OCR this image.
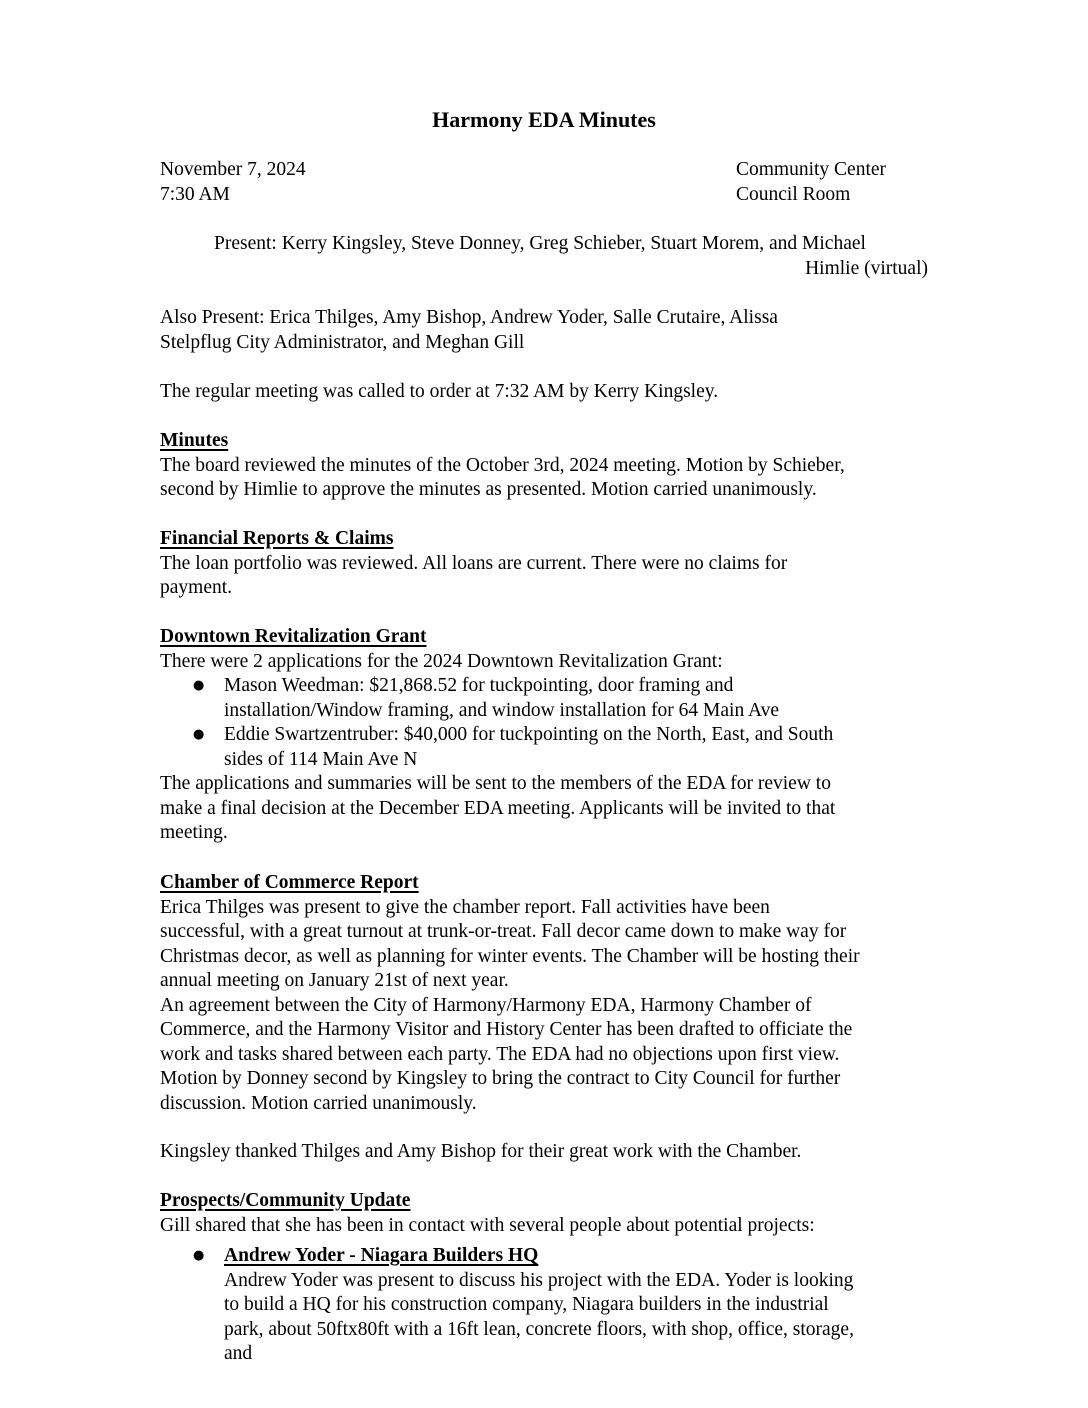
Harmony EDA Minutes
November 7, 2024
7:30 AM
Community Center
Council Room
Present: Kerry Kingsley, Steve Donney, Greg Schieber, Stuart Morem, and Michael
Himlie (virtual)
Also Present: Erica Thilges, Amy Bishop, Andrew Yoder, Salle Crutaire, Alissa
Stelpflug City Administrator, and Meghan Gill
The regular meeting was called to order at 7:32 AM by Kerry Kingsley.
Minutes
The board reviewed the minutes of the October 3rd, 2024 meeting. Motion by Schieber,
second by Himlie to approve the minutes as presented. Motion carried unanimously.
Financial Reports & Claims
The loan portfolio was reviewed. All loans are current. There were no claims for
payment.
Downtown Revitalization Grant
There were 2 applications for the 2024 Downtown Revitalization Grant:
● Mason Weedman: $21,868.52 for tuckpointing, door framing and
installation/Window framing, and window installation for 64 Main Ave
● Eddie Swartzentruber: $40,000 for tuckpointing on the North, East, and South
sides of 114 Main Ave N
The applications and summaries will be sent to the members of the EDA for review to
make a final decision at the December EDA meeting. Applicants will be invited to that
meeting.
Chamber of Commerce Report
Erica Thilges was present to give the chamber report. Fall activities have been
successful, with a great turnout at trunk-or-treat. Fall decor came down to make way for
Christmas decor, as well as planning for winter events. The Chamber will be hosting their
annual meeting on January 21st of next year.
An agreement between the City of Harmony/Harmony EDA, Harmony Chamber of
Commerce, and the Harmony Visitor and History Center has been drafted to officiate the
work and tasks shared between each party. The EDA had no objections upon first view.
Motion by Donney second by Kingsley to bring the contract to City Council for further
discussion. Motion carried unanimously.
Kingsley thanked Thilges and Amy Bishop for their great work with the Chamber.
Prospects/Community Update
Gill shared that she has been in contact with several people about potential projects:
● Andrew Yoder - Niagara Builders HQ
Andrew Yoder was present to discuss his project with the EDA. Yoder is looking
to build a HQ for his construction company, Niagara builders in the industrial
park, about 50ftx80ft with a 16ft lean, concrete floors, with shop, office, storage,
and
